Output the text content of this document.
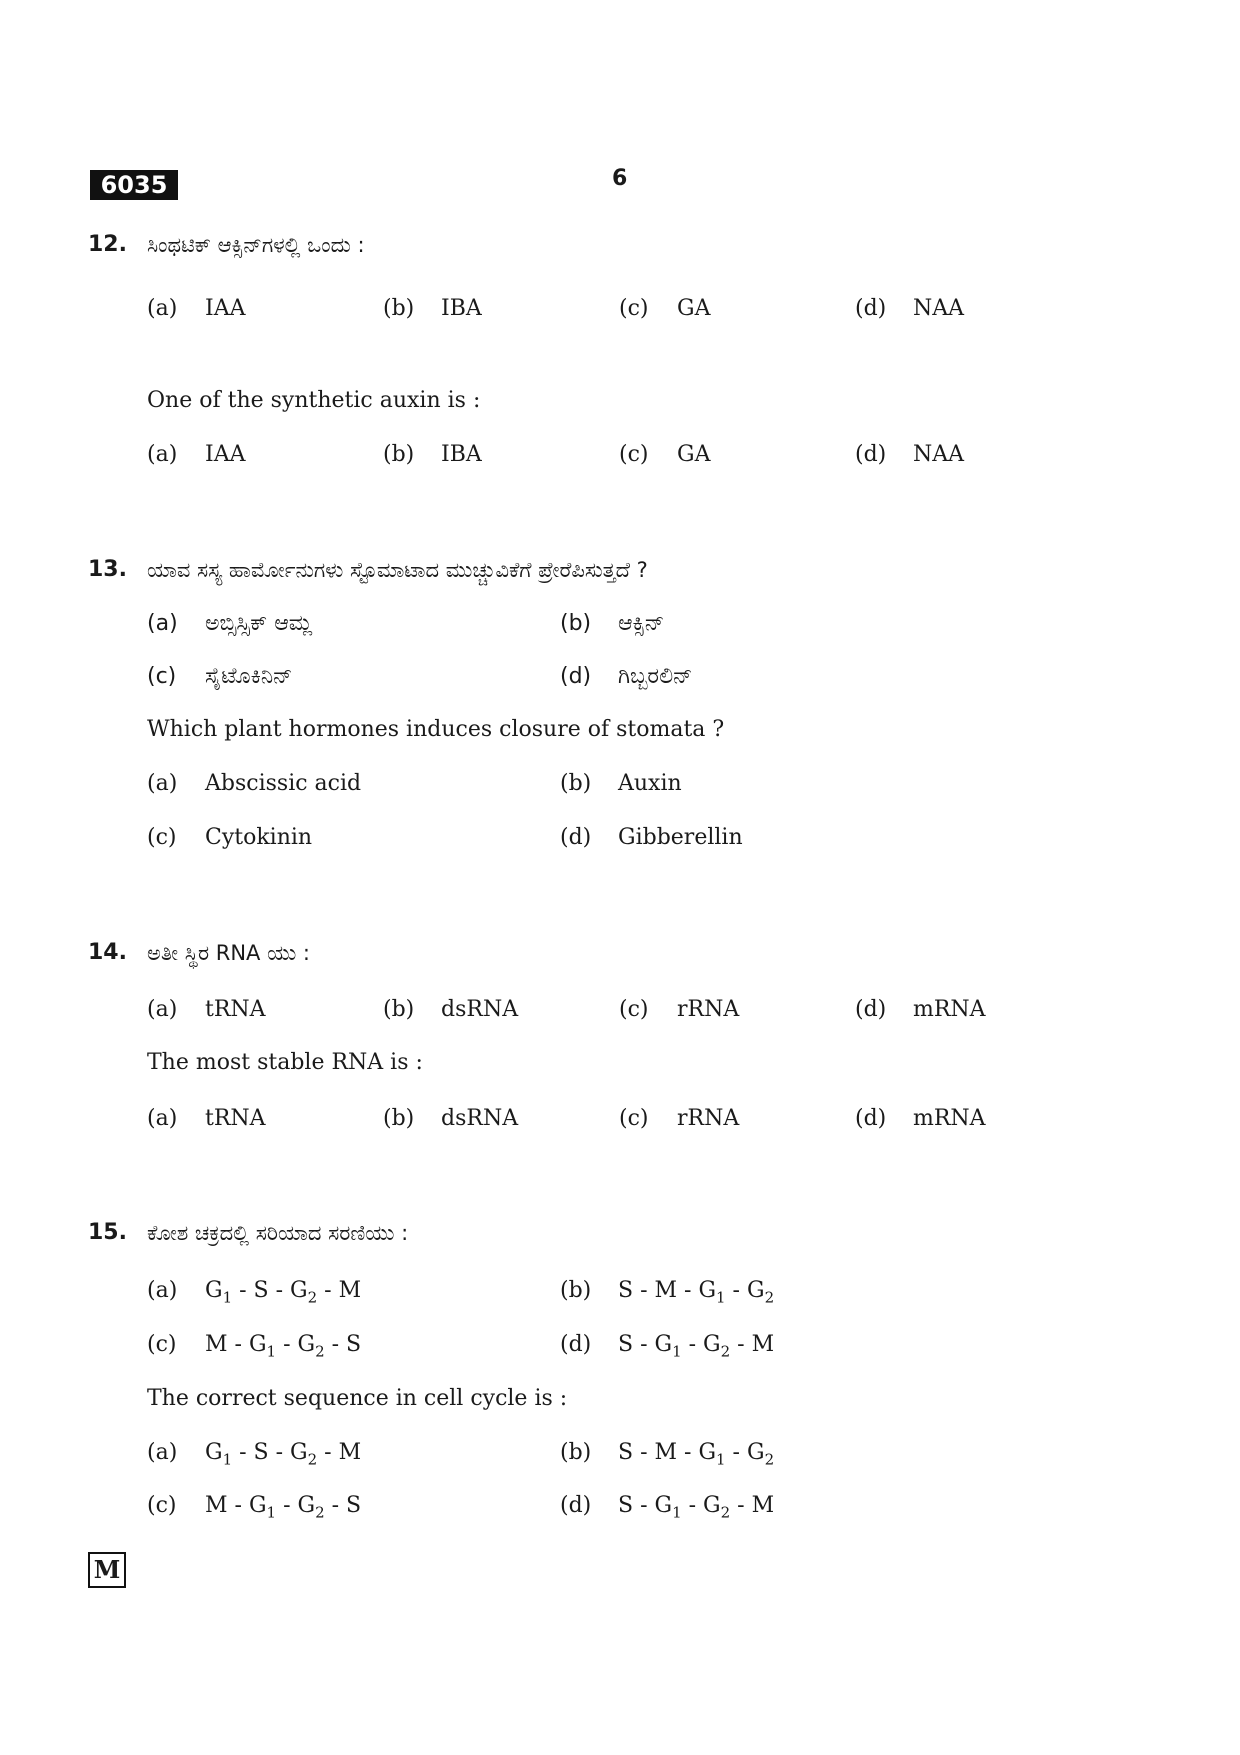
6035	6
12. ಸಿಂಥಟಿಕ್ ಆಕ್ಸಿನ್‌ಗಳಲ್ಲಿ ಒಂದು :
(a) IAA	(b) IBA	(c) GA	(d) NAA
One of the synthetic auxin is :
(a) IAA	(b) IBA	(c) GA	(d) NAA
13. ಯಾವ ಸಸ್ಯ ಹಾರ್ಮೋನುಗಳು ಸ್ಟೊಮಾಟಾದ ಮುಚ್ಚುವಿಕೆಗೆ ಪ್ರೇರೆಪಿಸುತ್ತದೆ ?
(a) ಅಬ್ಸಿಸ್ಸಿಕ್ ಆಮ್ಲ	(b) ಆಕ್ಸಿನ್
(c) ಸೈಟೊಕಿನಿನ್	(d) ಗಿಬ್ಬರಲಿನ್
Which plant hormones induces closure of stomata ?
(a) Abscissic acid	(b) Auxin
(c) Cytokinin	(d) Gibberellin
14. ಅತೀ ಸ್ಥಿರ RNA ಯು :
(a) tRNA	(b) dsRNA	(c) rRNA	(d) mRNA
The most stable RNA is :
(a) tRNA	(b) dsRNA	(c) rRNA	(d) mRNA
15. ಕೋಶ ಚಕ್ರದಲ್ಲಿ ಸರಿಯಾದ ಸರಣಿಯು :
(a) $G_1$ - S - $G_2$ - M	(b) S - M - $G_1 - G_2$
(c) M - $G_1 - G_2$ - S	(d) S - $G_1 - G_2$ - M
The correct sequence in cell cycle is :
(a) $G_1$ - S - $G_2$ - M	(b) S - M - $G_1 - G_2$
(c) M - $G_1 - G_2$ - S	(d) S - $G_1 - G_2$ - M
M
